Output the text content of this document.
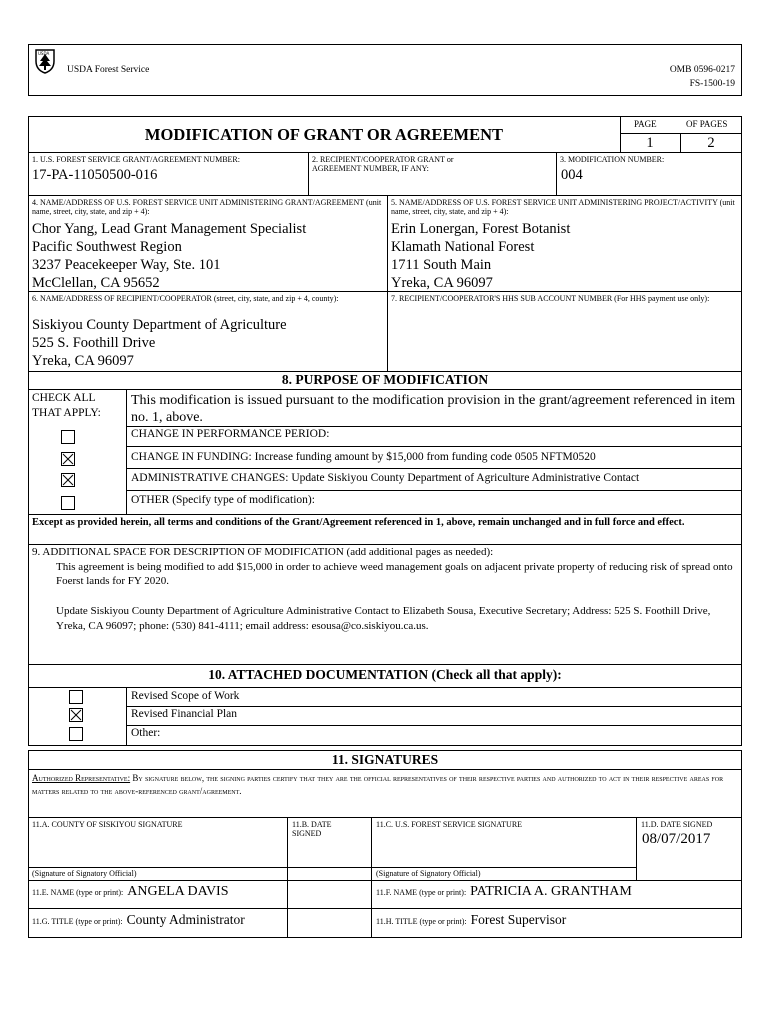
USDA
USDA Forest Service	OMB 0596-0217
FS-1500-19
MODIFICATION OF GRANT OR AGREEMENT
PAGE	OF PAGES
1	2
1. U.S. FOREST SERVICE GRANT/AGREEMENT NUMBER:
17-PA-11050500-016
2. RECIPIENT/COOPERATOR GRANT or AGREEMENT NUMBER, IF ANY:
3. MODIFICATION NUMBER:
004
4. NAME/ADDRESS OF U.S. FOREST SERVICE UNIT ADMINISTERING GRANT/AGREEMENT (unit name, street, city, state, and zip + 4):
Chor Yang, Lead Grant Management Specialist
Pacific Southwest Region
3237 Peacekeeper Way, Ste. 101
McClellan, CA 95652
5. NAME/ADDRESS OF U.S. FOREST SERVICE UNIT ADMINISTERING PROJECT/ACTIVITY (unit name, street, city, state, and zip + 4):
Erin Lonergan, Forest Botanist
Klamath National Forest
1711 South Main
Yreka, CA 96097
6. NAME/ADDRESS OF RECIPIENT/COOPERATOR (street, city, state, and zip + 4, county):
Siskiyou County Department of Agriculture
525 S. Foothill Drive
Yreka, CA 96097
7. RECIPIENT/COOPERATOR'S HHS SUB ACCOUNT NUMBER (For HHS payment use only):
8. PURPOSE OF MODIFICATION
CHECK ALL THAT APPLY:
This modification is issued pursuant to the modification provision in the grant/agreement referenced in item no. 1, above.
CHANGE IN PERFORMANCE PERIOD:
CHANGE IN FUNDING: Increase funding amount by $15,000 from funding code 0505 NFTM0520
ADMINISTRATIVE CHANGES: Update Siskiyou County Department of Agriculture Administrative Contact
OTHER (Specify type of modification):
Except as provided herein, all terms and conditions of the Grant/Agreement referenced in 1, above, remain unchanged and in full force and effect.
9. ADDITIONAL SPACE FOR DESCRIPTION OF MODIFICATION (add additional pages as needed):
This agreement is being modified to add $15,000 in order to achieve weed management goals on adjacent private property of reducing risk of spread onto Foerst lands for FY 2020.
Update Siskiyou County Department of Agriculture Administrative Contact to Elizabeth Sousa, Executive Secretary; Address: 525 S. Foothill Drive, Yreka, CA 96097; phone: (530) 841-4111; email address: esousa@co.siskiyou.ca.us.
10. ATTACHED DOCUMENTATION (Check all that apply):
Revised Scope of Work
Revised Financial Plan
Other:
11. SIGNATURES
Authorized Representative: By signature below, the signing parties certify that they are the official representatives of their respective parties and authorized to act in their respective areas for matters related to the above-referenced grant/agreement.
11.A. COUNTY OF SISKIYOU SIGNATURE	11.B. DATE SIGNED
11.C. U.S. FOREST SERVICE SIGNATURE	11.D. DATE SIGNED
08/07/2017
(Signature of Signatory Official)	(Signature of Signatory Official)
11.E. NAME (type or print): ANGELA DAVIS	11.F. NAME (type or print): PATRICIA A. GRANTHAM
11.G. TITLE (type or print): County Administrator	11.H. TITLE (type or print): Forest Supervisor
